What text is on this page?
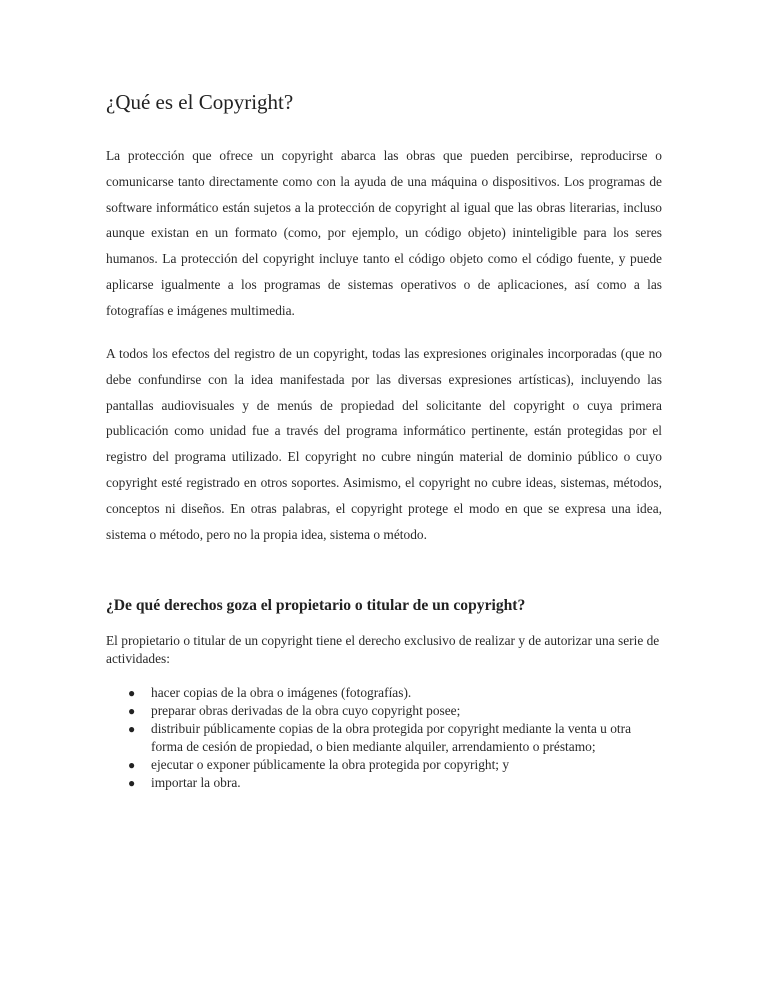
¿Qué es el Copyright?

La protección que ofrece un copyright abarca las obras que pueden percibirse, reproducirse o comunicarse tanto directamente como con la ayuda de una máquina o dispositivos. Los programas de software informático están sujetos a la protección de copyright al igual que las obras literarias, incluso aunque existan en un formato (como, por ejemplo, un código objeto) ininteligible para los seres humanos. La protección del copyright incluye tanto el código objeto como el código fuente, y puede aplicarse igualmente a los programas de sistemas operativos o de aplicaciones, así como a las fotografías e imágenes multimedia.

A todos los efectos del registro de un copyright, todas las expresiones originales incorporadas (que no debe confundirse con la idea manifestada por las diversas expresiones artísticas), incluyendo las pantallas audiovisuales y de menús de propiedad del solicitante del copyright o cuya primera publicación como unidad fue a través del programa informático pertinente, están protegidas por el registro del programa utilizado. El copyright no cubre ningún material de dominio público o cuyo copyright esté registrado en otros soportes. Asimismo, el copyright no cubre ideas, sistemas, métodos, conceptos ni diseños. En otras palabras, el copyright protege el modo en que se expresa una idea, sistema o método, pero no la propia idea, sistema o método.

¿De qué derechos goza el propietario o titular de un copyright?

El propietario o titular de un copyright tiene el derecho exclusivo de realizar y de autorizar una serie de actividades:

● hacer copias de la obra o imágenes (fotografías).
● preparar obras derivadas de la obra cuyo copyright posee;
● distribuir públicamente copias de la obra protegida por copyright mediante la venta u otra forma de cesión de propiedad, o bien mediante alquiler, arrendamiento o préstamo;
● ejecutar o exponer públicamente la obra protegida por copyright; y
● importar la obra.
